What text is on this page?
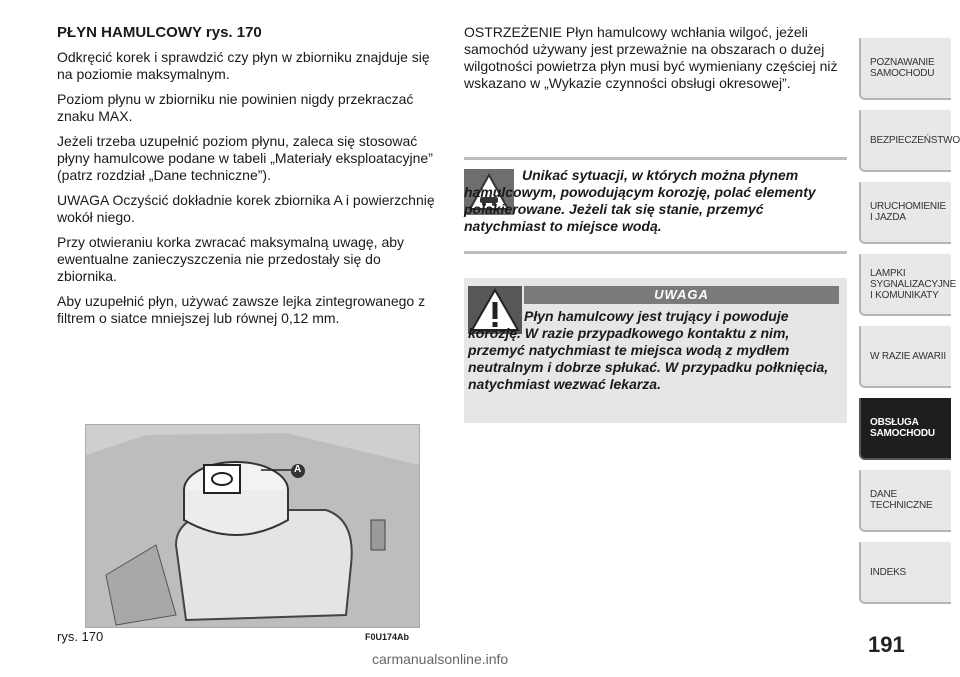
PŁYN HAMULCOWY rys. 170

Odkręcić korek i sprawdzić czy płyn w zbiorniku znajduje się na poziomie maksymalnym.

Poziom płynu w zbiorniku nie powinien nigdy przekraczać znaku MAX.

Jeżeli trzeba uzupełnić poziom płynu, zaleca się stosować płyny hamulcowe podane w tabeli „Materiały eksploatacyjne” (patrz rozdział „Dane techniczne”).

UWAGA Oczyścić dokładnie korek zbiornika A i powierzchnię wokół niego.

Przy otwieraniu korka zwracać maksymalną uwagę, aby ewentualne zanieczyszczenia nie przedostały się do zbiornika.

Aby uzupełnić płyn, używać zawsze lejka zintegrowanego z filtrem o siatce mniejszej lub równej 0,12 mm.

OSTRZEŻENIE Płyn hamulcowy wchłania wilgoć, jeżeli samochód używany jest przeważnie na obszarach o dużej wilgotności powietrza płyn musi być wymieniany częściej niż wskazano w „Wykazie czynności obsługi okresowej”.
Unikać sytuacji, w których można płynem hamulcowym, powodującym korozję, polać elementy polakierowane. Jeżeli tak się stanie, przemyć natychmiast to miejsce wodą.
UWAGA
Płyn hamulcowy jest trujący i powoduje korozję. W razie przypadkowego kontaktu z nim, przemyć natychmiast te miejsca wodą z mydłem neutralnym i dobrze spłukać. W przypadku połknięcia, natychmiast wezwać lekarza.
A
rys. 170	F0U174Ab
POZNAWANIE SAMOCHODU
BEZPIECZEŃSTWO
URUCHOMIENIE I JAZDA
LAMPKI SYGNALIZACYJNE I KOMUNIKATY
W RAZIE AWARII
OBSŁUGA SAMOCHODU
DANE TECHNICZNE
INDEKS
191
carmanualsonline.info
